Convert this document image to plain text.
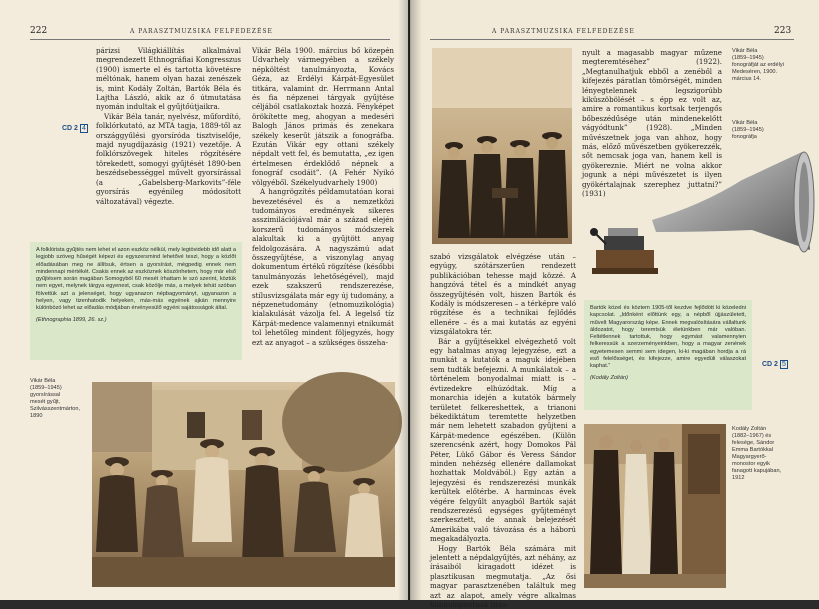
222	A PARASZTMUZSIKA FELFEDEZÉSE
CD 2 4

párizsi Világkiállítás alkalmával megrendezett Ethnográfiai Kongresszus (1900) ismerte el és tartotta követésre méltónak, hanem olyan hazai zenészek is, mint Kodály Zoltán, Bartók Béla és Lajtha László, akik az ő útmutatása nyomán indultak el gyűjtőútjaikra.

Vikár Béla tanár, nyelvész, műfordító, folklórkutató, az MTA tagja, 1889-től az országgyűlési gyorsíróda tisztviselője, majd nyugdíjazásig (1921) vezetője. A folklórszövegek hiteles rögzítésére törekedett, somogyi gyűjtését 1890-ben beszédsebességgel művelt gyorsírással (a „Gabelsberg-Markovits”-féle gyorsírás egyénileg módosított változatával) végezte.

A folklórista gyűjtés nem lehet el azon eszköz nélkül, mely legtövidebb idő alatt a legjobb szöveg hűségét képezi és egyszersmind lehetővé teszi, hogy a közlőt előadásában meg ne állítsuk, értsen a gyorsírást, mégpedig ennek nem mindennapi mértékét. Csakis ennek az eszköznek köszönhetem, hogy már első gyűjtésem során magában Somogyból 60 mesét írhattam le szó szerint, köztük nem egyet, melynek tárgya egyenest, csak közölje más, a melyek tehát szóban fölvettük azt a jelenséget, hogy ugyanazon népbagyományt, ugyanazon a helyen, vagy tizenhatodik helyeken, más-más egyének ajkán mennyire különbözó lehet az előadás módjában érvényesülő egyéni sajátosságok által.
(Ethnographia 1899, 26. sz.)

Vikár Béla 1900. március bő közepén Udvarhely vármegyében a székely népköltést tanulmányozta, Kovács Géza, az Erdélyi Kárpát-Egyesület titkára, valamint dr. Herrmann Antal és fia népzenei tárgyak gyűjtése céljából csatlakoztak hozzá. Fényképet örökítette meg, ahogyan a medeséri Balogh János primás és zenekara székely keserűt játszik a fonográfba. Ezután Vikár egy ottani székely népdalt vett fel, és bemutatta, „ez igen értelmesen érdeklődő népnek a fonográf csodáit”. (A Fehér Nyikó völgyéből. Székelyudvarhely 1900)

A hangrögzítés példamutatóan korai bevezetésével és a nemzetközi tudományos eredmények sikeres asszimilációjával már a század elején korszerű tudományos módszerek alakultak ki a gyűjtött anyag feldolgozására. A nagyszámú adat összegyűjtése, a viszonylag anyag dokumentum értékű rögzítése (későbbi tanulmányozás lehetőségével), majd ezek szakszerű rendszerezése, stílusvizsgálata már egy új tudomány, a népzenetudomány (etnomuzikológia) kialakulását vázolja fel. A legelső tíz Kárpát-medence valamennyi etnikumát tol lehetőleg mindent följegyzés, hogy ezt az anyagot – a szükséges összeha-

Vikár Béla
(1859–1945)
gyorsírással
mesét gyűjt,
Szilvásszentmárton,
1890
A PARASZTMUZSIKA FELFEDEZÉSE	223

szabó vizsgálatok elvégzése után – egyúgy, szótárszerűen rendezett publikációban tehesse majd közzé. A hangzóvá tétel és a mindkét anyag összegyűjtésén volt, hiszen Bartók és Kodály is módszeresen – a térképre való rögzítése és a technikai fejlődés ellenére – és a mai kutatás az egyéni vizsgálatokra tér.

Bár a gyűjtésekkel elvégezhető volt egy hatalmas anyag lejegyzése, ezt a munkát a kutatók a maguk idejében sem tudták befejezni. A munkálatok – a történelem bonyodalmai miatt is – évtizedekre elhúzódtak. Míg a monarchia idején a kutatók bármely területet felkereshettek, a trianoni békediktátum teremtette helyzetben már nem lehetett szabadon gyűjteni a Kárpát-medence egészében. (Külön szerencsénk azért, hogy Domokos Pál Péter, Lükő Gábor és Veress Sándor minden nehézség ellenére dallamokat hozhattak Moldvából.) Egy aztán a lejegyzési és rendszerezési munkák kerültek előtérbe. A harmincas évek végére felgyűlt anyagból Bartók saját rendszerezésű egységes gyűjteményt szerkesztett, de annak belejezését Amerikába való távozása és a háború megakadályozta.

Hogy Bartók Béla számára mit jelentett a népdalgyűjtés, azt néhány, az írásaiból kiragadott idézet is plasztikusan megmutatja. „Az ősi magyar parasztzenében találtuk meg azt az alapot, amely végre alkalmas kiindulópontnak bizo-

nyult a magasabb magyar műzene megteremtéséhez” (1922). „Megtanulhatjuk ebből a zenéből a kifejezés páratlan tömörségét, minden lényegtelennek legszigorúbb kiküszöbölését – s épp ez volt az, amire a romantikus kortsak terjengős bőbeszédűsége után mindenekelőtt vágyódtunk” (1928). „Minden művészetnek joga van ahhoz, hogy más, előző művészetben gyökerezzék, sőt nemcsak joga van, hanem kell is gyökereznie. Miért ne volna akkor jogunk a népi művészetet is ilyen gyökértalajnak szerephez juttatni?” (1931)

Vikár Béla
(1859–1945)
fonográfját az erdélyi
Medeséren, 1900.
március 14.
Vikár Béla
(1859–1945)
fonográfja
Bartók közel és köztem 1905-től kezdve fejlődött ki közeledni kapcsolat. „Időnként előttünk egy, a népből újjászületett, művelt Magyarország képe. Ennek megvalósítására vállaltunk áldozatot, hogy teremtsük életünkben már valóban. Feltétlennek tartottuk, hogy egymást valamennyien felkeressük a szerzeményeinkben, hogy a magyar zenének egyetemesen semmi sem idegen, ki-ki magában hordja a rá eső felelősséget, és kifejezze, amire egyedüli válaszokat kaphat.”
(Kodály Zoltán)
CD 2 5
Kodály Zoltán
(1882–1967) és
felesége, Sándor
Emma Bartókkal
Magyargyerő-
monostor egyik
fanagott kapujában,
1912
